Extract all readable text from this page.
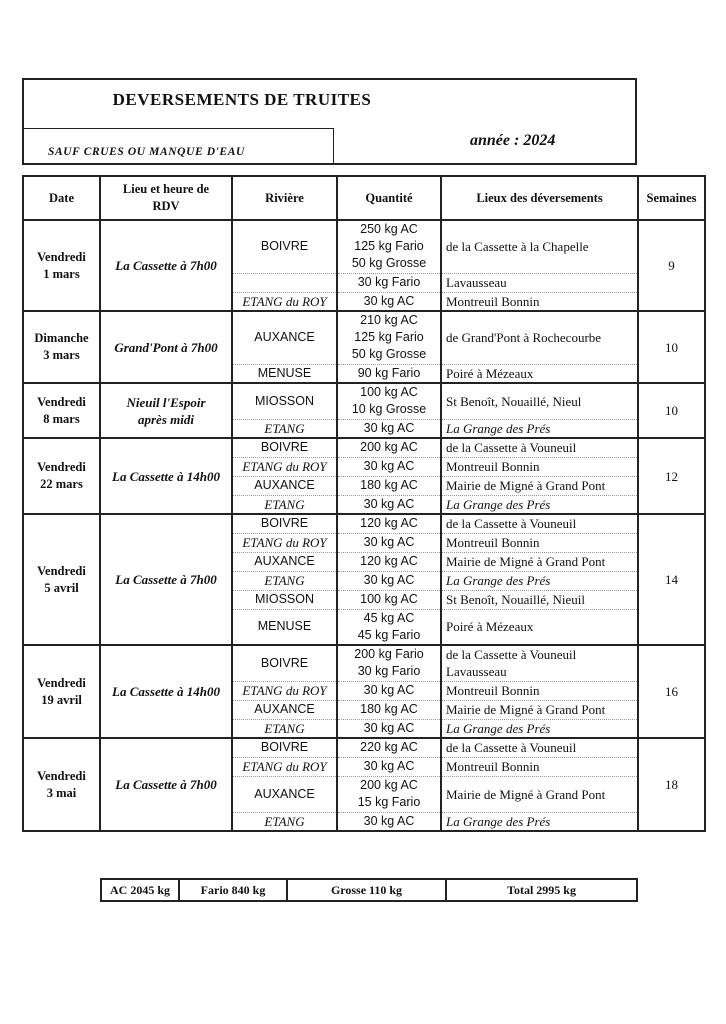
DEVERSEMENTS DE TRUITES
SAUF CRUES OU MANQUE D'EAU
année : 2024
Date	Lieu et heure de
RDV	Rivière	Quantité	Lieux des déversements	Semaines

Vendredi
1 mars	La Cassette à 7h00	BOIVRE	250 kg AC
125 kg Fario
50 kg Grosse	de la Cassette à la Chapelle	9

			30 kg Fario	Lavausseau	

		ETANG du ROY	30 kg AC	Montreuil Bonnin	

Dimanche
3 mars	Grand'Pont à 7h00	AUXANCE	210 kg AC
125 kg Fario
50 kg Grosse	de Grand'Pont à Rochecourbe	10
		MENUSE	90 kg Fario	Poiré à Mézeaux	

Vendredi
8 mars	Nieuil l'Espoir
après midi	MIOSSON	100 kg AC
10 kg Grosse	St Benoît, Nouaillé, Nieul	10
		ETANG	30 kg AC	La Grange des Prés	

Vendredi
22 mars	La Cassette à 14h00	BOIVRE	200 kg AC	de la Cassette à Vouneuil	12
		ETANG du ROY	30 kg AC	Montreuil Bonnin	

		AUXANCE	180 kg AC	Mairie de Migné à Grand Pont	

		ETANG	30 kg AC	La Grange des Prés	

Vendredi
5 avril	La Cassette à 7h00	BOIVRE	120 kg AC	de la Cassette à Vouneuil	14
		ETANG du ROY	30 kg AC	Montreuil Bonnin	

		AUXANCE	120 kg AC	Mairie de Migné à Grand Pont	

		ETANG	30 kg AC	La Grange des Prés	

		MIOSSON	100 kg AC	St Benoît, Nouaillé, Nieuil	

		MENUSE	45 kg AC
45 kg Fario	Poiré à Mézeaux	

Vendredi
19 avril	La Cassette à 14h00	BOIVRE	200 kg Fario
30 kg Fario	de la Cassette à Vouneuil
Lavausseau	16
		ETANG du ROY	30 kg AC	Montreuil Bonnin	

		AUXANCE	180 kg AC	Mairie de Migné à Grand Pont	

		ETANG	30 kg AC	La Grange des Prés	

Vendredi
3 mai	La Cassette à 7h00	BOIVRE	220 kg AC	de la Cassette à Vouneuil	18
		ETANG du ROY	30 kg AC	Montreuil Bonnin	

		AUXANCE	200 kg AC
15 kg Fario	Mairie de Migné à Grand Pont	

		ETANG	30 kg AC	La Grange des Prés	
AC 2045 kg	Fario 840 kg	Grosse 110 kg	Total 2995 kg
